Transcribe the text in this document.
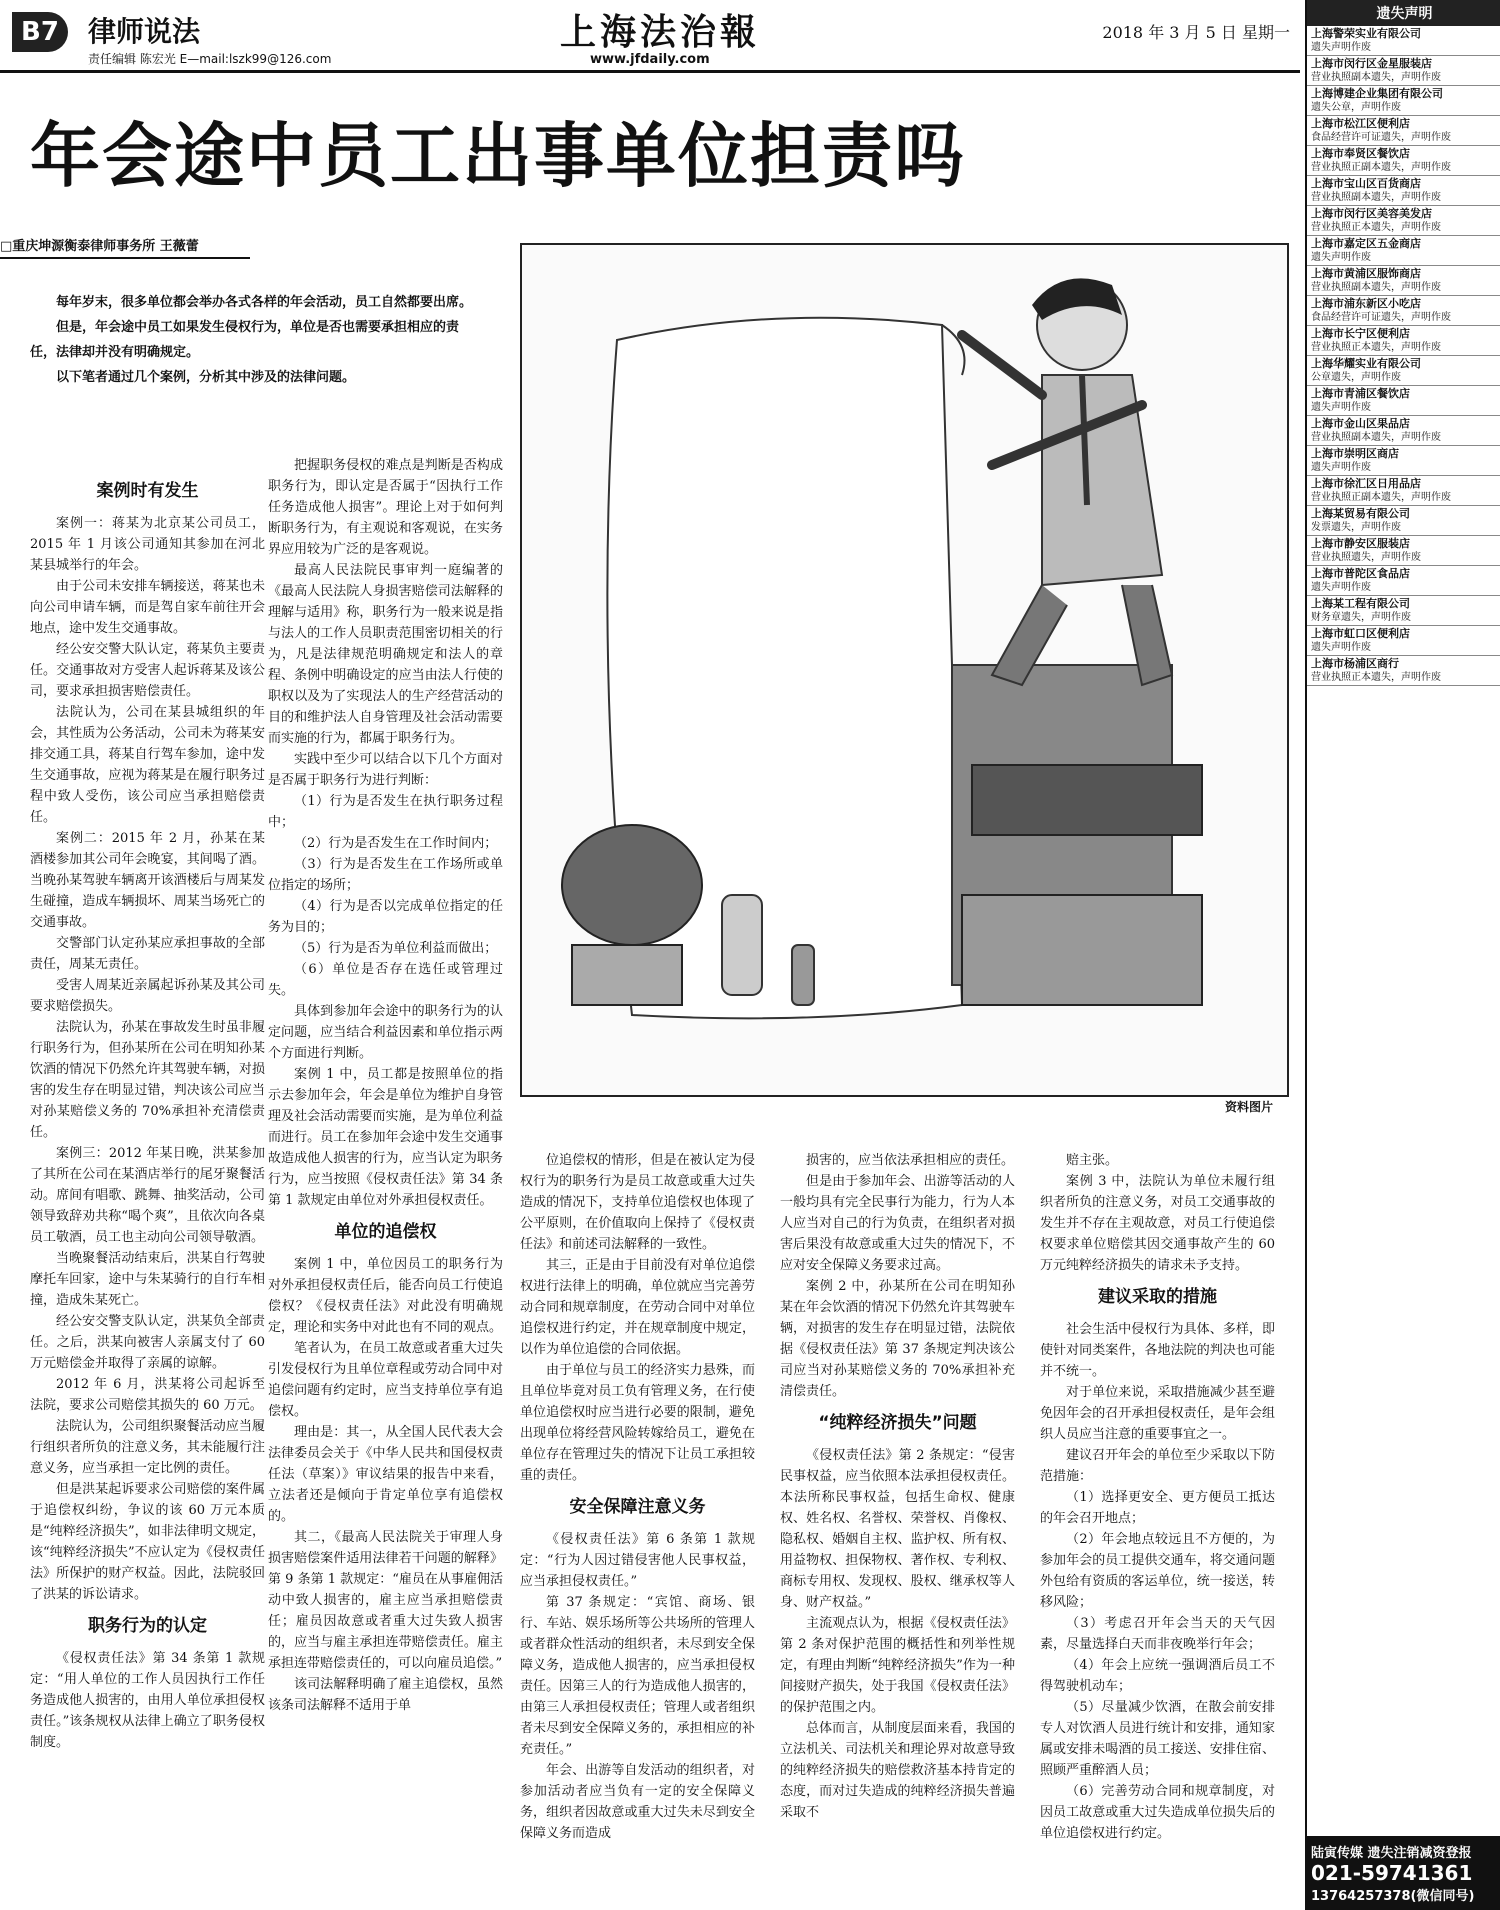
B7	律师说法
责任编辑 陈宏光 E—mail:lszk99@126.com
上海法治報
www.jfdaily.com
2018 年 3 月 5 日 星期一
年会途中员工出事单位担责吗
□重庆坤源衡泰律师事务所 王薇蕾

每年岁末，很多单位都会举办各式各样的年会活动，员工自然都要出席。

但是，年会途中员工如果发生侵权行为，单位是否也需要承担相应的责任，法律却并没有明确规定。

以下笔者通过几个案例，分析其中涉及的法律问题。

资料图片
案例时有发生

案例一：蒋某为北京某公司员工，2015 年 1 月该公司通知其参加在河北某县城举行的年会。

由于公司未安排车辆接送，蒋某也未向公司申请车辆，而是驾自家车前往开会地点，途中发生交通事故。

经公安交警大队认定，蒋某负主要责任。交通事故对方受害人起诉蒋某及该公司，要求承担损害赔偿责任。

法院认为，公司在某县城组织的年会，其性质为公务活动，公司未为蒋某安排交通工具，蒋某自行驾车参加，途中发生交通事故，应视为蒋某是在履行职务过程中致人受伤，该公司应当承担赔偿责任。

案例二：2015 年 2 月，孙某在某酒楼参加其公司年会晚宴，其间喝了酒。当晚孙某驾驶车辆离开该酒楼后与周某发生碰撞，造成车辆损坏、周某当场死亡的交通事故。

交警部门认定孙某应承担事故的全部责任，周某无责任。

受害人周某近亲属起诉孙某及其公司要求赔偿损失。

法院认为，孙某在事故发生时虽非履行职务行为，但孙某所在公司在明知孙某饮酒的情况下仍然允许其驾驶车辆，对损害的发生存在明显过错，判决该公司应当对孙某赔偿义务的 70%承担补充清偿责任。

案例三：2012 年某日晚，洪某参加了其所在公司在某酒店举行的尾牙聚餐活动。席间有唱歌、跳舞、抽奖活动，公司领导致辞劝共称“喝个爽”，且依次向各桌员工敬酒，员工也主动向公司领导敬酒。

当晚聚餐活动结束后，洪某自行驾驶摩托车回家，途中与朱某骑行的自行车相撞，造成朱某死亡。

经公安交警支队认定，洪某负全部责任。之后，洪某向被害人亲属支付了 60 万元赔偿金并取得了亲属的谅解。

2012 年 6 月，洪某将公司起诉至法院，要求公司赔偿其损失的 60 万元。

法院认为，公司组织聚餐活动应当履行组织者所负的注意义务，其未能履行注意义务，应当承担一定比例的责任。

但是洪某起诉要求公司赔偿的案件属于追偿权纠纷，争议的该 60 万元本质是“纯粹经济损失”，如非法律明文规定，该“纯粹经济损失”不应认定为《侵权责任法》所保护的财产权益。因此，法院驳回了洪某的诉讼请求。

职务行为的认定

《侵权责任法》第 34 条第 1 款规定：“用人单位的工作人员因执行工作任务造成他人损害的，由用人单位承担侵权责任。”该条规权从法律上确立了职务侵权制度。

把握职务侵权的难点是判断是否构成职务行为，即认定是否属于“因执行工作任务造成他人损害”。理论上对于如何判断职务行为，有主观说和客观说，在实务界应用较为广泛的是客观说。

最高人民法院民事审判一庭编著的《最高人民法院人身损害赔偿司法解释的理解与适用》称，职务行为一般来说是指与法人的工作人员职责范围密切相关的行为，凡是法律规范明确规定和法人的章程、条例中明确设定的应当由法人行使的职权以及为了实现法人的生产经营活动的目的和维护法人自身管理及社会活动需要而实施的行为，都属于职务行为。

实践中至少可以结合以下几个方面对是否属于职务行为进行判断：

（1）行为是否发生在执行职务过程中；

（2）行为是否发生在工作时间内；

（3）行为是否发生在工作场所或单位指定的场所；

（4）行为是否以完成单位指定的任务为目的；

（5）行为是否为单位利益而做出；

（6）单位是否存在选任或管理过失。

具体到参加年会途中的职务行为的认定问题，应当结合利益因素和单位指示两个方面进行判断。

案例 1 中，员工都是按照单位的指示去参加年会，年会是单位为维护自身管理及社会活动需要而实施，是为单位利益而进行。员工在参加年会途中发生交通事故造成他人损害的行为，应当认定为职务行为，应当按照《侵权责任法》第 34 条第 1 款规定由单位对外承担侵权责任。

单位的追偿权

案例 1 中，单位因员工的职务行为对外承担侵权责任后，能否向员工行使追偿权？《侵权责任法》对此没有明确规定，理论和实务中对此也有不同的观点。

笔者认为，在员工故意或者重大过失引发侵权行为且单位章程或劳动合同中对追偿问题有约定时，应当支持单位享有追偿权。

理由是：其一，从全国人民代表大会法律委员会关于《中华人民共和国侵权责任法（草案）》审议结果的报告中来看，立法者还是倾向于肯定单位享有追偿权的。

其二，《最高人民法院关于审理人身损害赔偿案件适用法律若干问题的解释》第 9 条第 1 款规定：“雇员在从事雇佣活动中致人损害的，雇主应当承担赔偿责任；雇员因故意或者重大过失致人损害的，应当与雇主承担连带赔偿责任。雇主承担连带赔偿责任的，可以向雇员追偿。”

该司法解释明确了雇主追偿权，虽然该条司法解释不适用于单

位追偿权的情形，但是在被认定为侵权行为的职务行为是员工故意或重大过失造成的情况下，支持单位追偿权也体现了公平原则，在价值取向上保持了《侵权责任法》和前述司法解释的一致性。

其三，正是由于目前没有对单位追偿权进行法律上的明确，单位就应当完善劳动合同和规章制度，在劳动合同中对单位追偿权进行约定，并在规章制度中规定，以作为单位追偿的合同依据。

由于单位与员工的经济实力悬殊，而且单位毕竟对员工负有管理义务，在行使单位追偿权时应当进行必要的限制，避免出现单位将经营风险转嫁给员工，避免在单位存在管理过失的情况下让员工承担较重的责任。

安全保障注意义务

《侵权责任法》第 6 条第 1 款规定：“行为人因过错侵害他人民事权益，应当承担侵权责任。”

第 37 条规定：“宾馆、商场、银行、车站、娱乐场所等公共场所的管理人或者群众性活动的组织者，未尽到安全保障义务，造成他人损害的，应当承担侵权责任。因第三人的行为造成他人损害的，由第三人承担侵权责任；管理人或者组织者未尽到安全保障义务的，承担相应的补充责任。”

年会、出游等自发活动的组织者，对参加活动者应当负有一定的安全保障义务，组织者因故意或重大过失未尽到安全保障义务而造成

损害的，应当依法承担相应的责任。

但是由于参加年会、出游等活动的人一般均具有完全民事行为能力，行为人本人应当对自己的行为负责，在组织者对损害后果没有故意或重大过失的情况下，不应对安全保障义务要求过高。

案例 2 中，孙某所在公司在明知孙某在年会饮酒的情况下仍然允许其驾驶车辆，对损害的发生存在明显过错，法院依据《侵权责任法》第 37 条规定判决该公司应当对孙某赔偿义务的 70%承担补充清偿责任。

“纯粹经济损失”问题

《侵权责任法》第 2 条规定：“侵害民事权益，应当依照本法承担侵权责任。本法所称民事权益，包括生命权、健康权、姓名权、名誉权、荣誉权、肖像权、隐私权、婚姻自主权、监护权、所有权、用益物权、担保物权、著作权、专利权、商标专用权、发现权、股权、继承权等人身、财产权益。”

主流观点认为，根据《侵权责任法》第 2 条对保护范围的概括性和列举性规定，有理由判断“纯粹经济损失”作为一种间接财产损失，处于我国《侵权责任法》的保护范围之内。

总体而言，从制度层面来看，我国的立法机关、司法机关和理论界对故意导致的纯粹经济损失的赔偿救济基本持肯定的态度，而对过失造成的纯粹经济损失普遍采取不

赔主张。

案例 3 中，法院认为单位未履行组织者所负的注意义务，对员工交通事故的发生并不存在主观故意，对员工行使追偿权要求单位赔偿其因交通事故产生的 60 万元纯粹经济损失的请求未予支持。

建议采取的措施

社会生活中侵权行为具体、多样，即使针对同类案件，各地法院的判决也可能并不统一。

对于单位来说，采取措施减少甚至避免因年会的召开承担侵权责任，是年会组织人员应当注意的重要事宜之一。

建议召开年会的单位至少采取以下防范措施：

（1）选择更安全、更方便员工抵达的年会召开地点；

（2）年会地点较远且不方便的，为参加年会的员工提供交通车，将交通问题外包给有资质的客运单位，统一接送，转移风险；

（3）考虑召开年会当天的天气因素，尽量选择白天而非夜晚举行年会；

（4）年会上应统一强调酒后员工不得驾驶机动车；

（5）尽量减少饮酒，在散会前安排专人对饮酒人员进行统计和安排，通知家属或安排未喝酒的员工接送、安排住宿、照顾严重醉酒人员；

（6）完善劳动合同和规章制度，对因员工故意或重大过失造成单位损失后的单位追偿权进行约定。

遗失声明
上海警荣实业有限公司
遗失声明作废
上海市闵行区金星服装店
营业执照副本遗失，声明作废
上海博建企业集团有限公司
遗失公章，声明作废
上海市松江区便利店
食品经营许可证遗失，声明作废
上海市奉贤区餐饮店
营业执照正副本遗失，声明作废
上海市宝山区百货商店
营业执照副本遗失，声明作废
上海市闵行区美容美发店
营业执照正本遗失，声明作废
上海市嘉定区五金商店
遗失声明作废
上海市黄浦区服饰商店
营业执照副本遗失，声明作废
上海市浦东新区小吃店
食品经营许可证遗失，声明作废
上海市长宁区便利店
营业执照正本遗失，声明作废
上海华耀实业有限公司
公章遗失，声明作废
上海市青浦区餐饮店
遗失声明作废
上海市金山区果品店
营业执照副本遗失，声明作废
上海市崇明区商店
遗失声明作废
上海市徐汇区日用品店
营业执照正副本遗失，声明作废
上海某贸易有限公司
发票遗失，声明作废
上海市静安区服装店
营业执照遗失，声明作废
上海市普陀区食品店
遗失声明作废
上海某工程有限公司
财务章遗失，声明作废
上海市虹口区便利店
遗失声明作废
上海市杨浦区商行
营业执照正本遗失，声明作废
陆寅传媒 遗失注销减资登报
021-59741361
13764257378(微信同号)
